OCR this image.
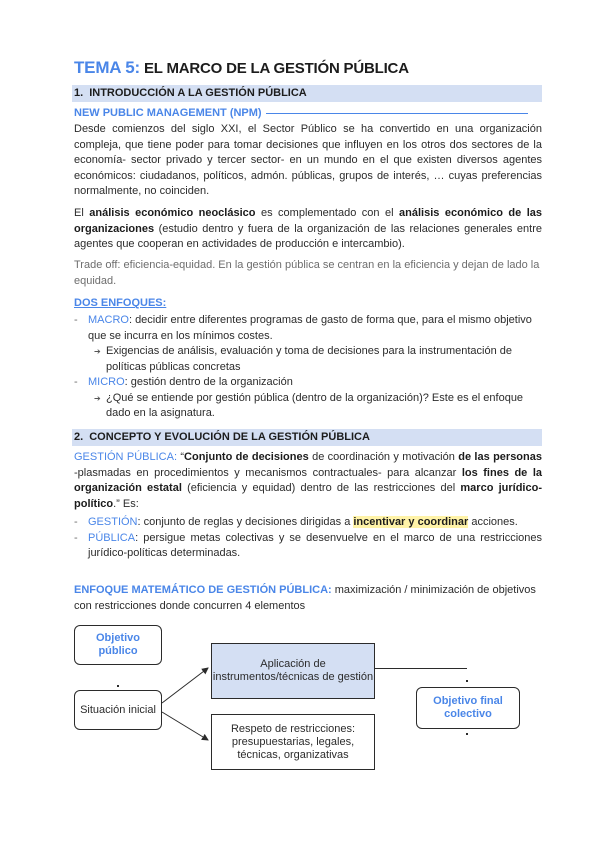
TEMA 5: EL MARCO DE LA GESTIÓN PÚBLICA
1. INTRODUCCIÓN A LA GESTIÓN PÚBLICA
NEW PUBLIC MANAGEMENT (NPM)
Desde comienzos del siglo XXI, el Sector Público se ha convertido en una organización compleja, que tiene poder para tomar decisiones que influyen en los otros dos sectores de la economía- sector privado y tercer sector- en un mundo en el que existen diversos agentes económicos: ciudadanos, políticos, admón. públicas, grupos de interés, … cuyas preferencias normalmente, no coinciden.
El análisis económico neoclásico es complementado con el análisis económico de las organizaciones (estudio dentro y fuera de la organización de las relaciones generales entre agentes que cooperan en actividades de producción e intercambio).
Trade off: eficiencia-equidad. En la gestión pública se centran en la eficiencia y dejan de lado la equidad.
DOS ENFOQUES:
- MACRO: decidir entre diferentes programas de gasto de forma que, para el mismo objetivo que se incurra en los mínimos costes.
➔ Exigencias de análisis, evaluación y toma de decisiones para la instrumentación de políticas públicas concretas
- MICRO: gestión dentro de la organización
➔ ¿Qué se entiende por gestión pública (dentro de la organización)? Este es el enfoque dado en la asignatura.
2. CONCEPTO Y EVOLUCIÓN DE LA GESTIÓN PÚBLICA
GESTIÓN PÚBLICA: “Conjunto de decisiones de coordinación y motivación de las personas -plasmadas en procedimientos y mecanismos contractuales- para alcanzar los fines de la organización estatal (eficiencia y equidad) dentro de las restricciones del marco jurídico-político.” Es:
- GESTIÓN: conjunto de reglas y decisiones dirigidas a incentivar y coordinar acciones.
- PÚBLICA: persigue metas colectivas y se desenvuelve en el marco de una restricciones jurídico-políticas determinadas.
ENFOQUE MATEMÁTICO DE GESTIÓN PÚBLICA: maximización / minimización de objetivos con restricciones donde concurren 4 elementos
Objetivo público
Situación inicial
Aplicación de instrumentos/técnicas de gestión
Respeto de restricciones: presupuestarias, legales, técnicas, organizativas
Objetivo final colectivo
